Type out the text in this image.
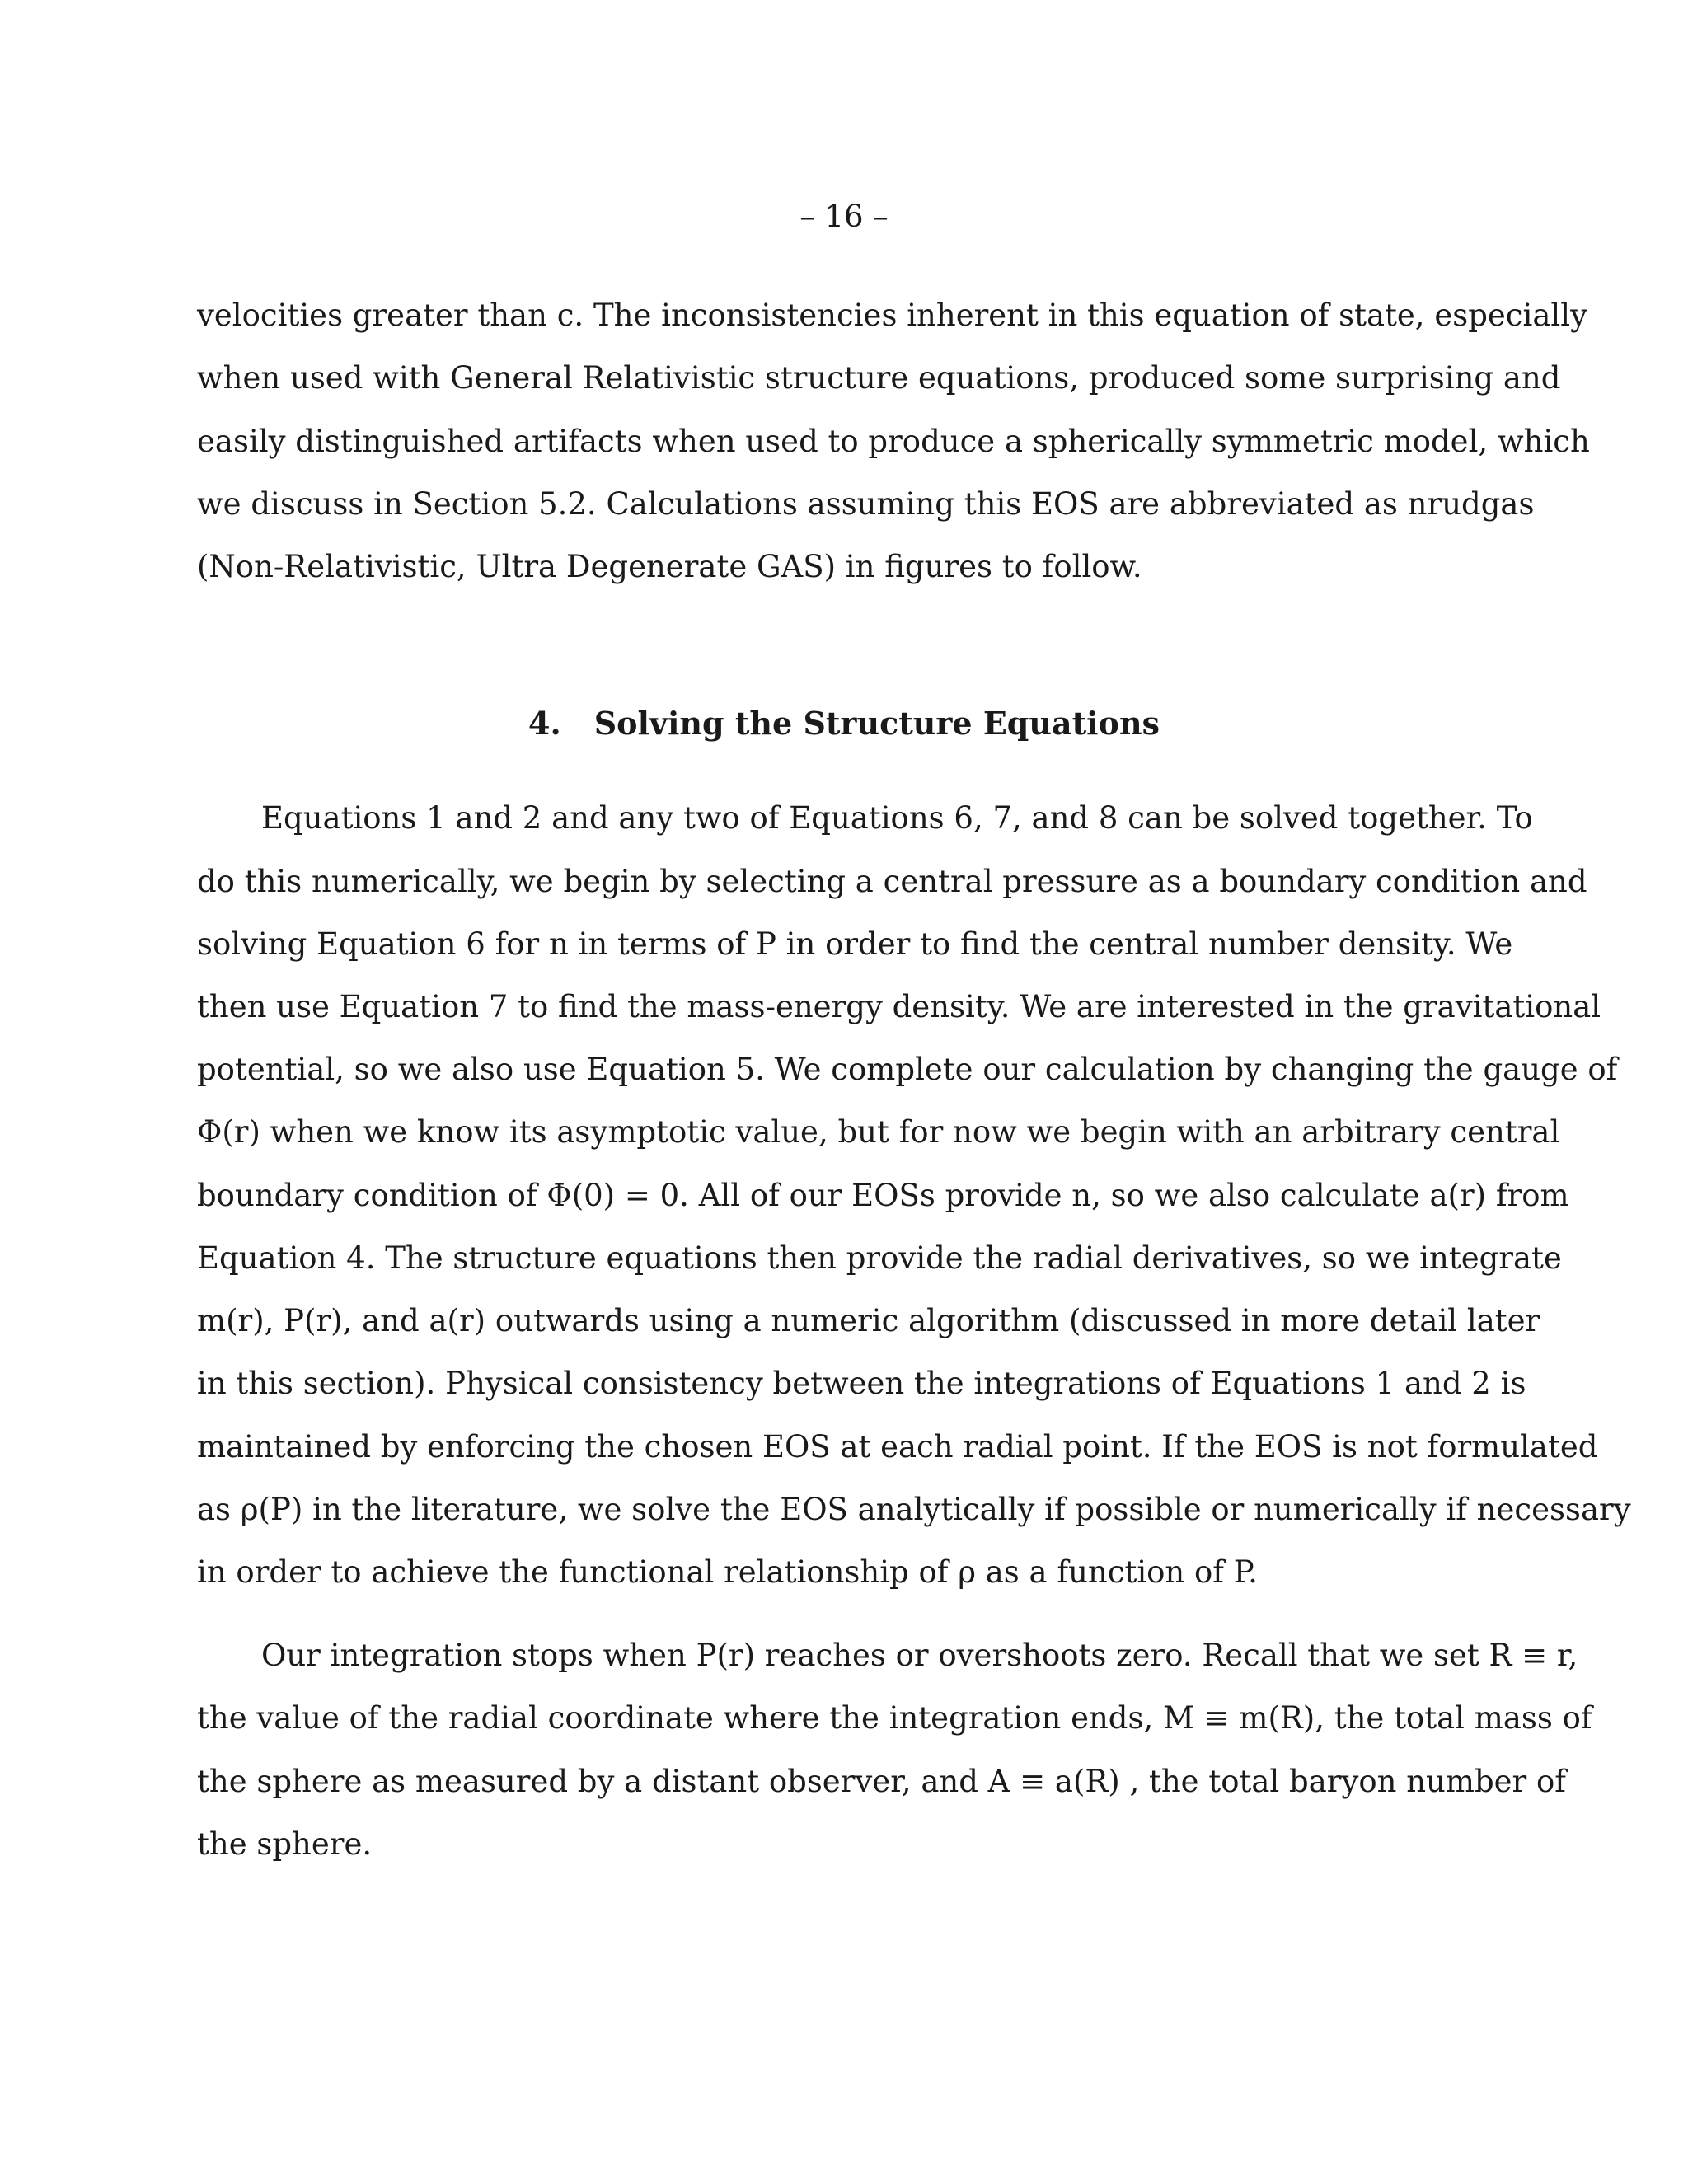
– 16 –
velocities greater than c. The inconsistencies inherent in this equation of state, especially
when used with General Relativistic structure equations, produced some surprising and
easily distinguished artifacts when used to produce a spherically symmetric model, which
we discuss in Section 5.2. Calculations assuming this EOS are abbreviated as nrudgas
(Non-Relativistic, Ultra Degenerate GAS) in figures to follow.
4. Solving the Structure Equations
Equations 1 and 2 and any two of Equations 6, 7, and 8 can be solved together. To
do this numerically, we begin by selecting a central pressure as a boundary condition and
solving Equation 6 for n in terms of P in order to find the central number density. We
then use Equation 7 to find the mass-energy density. We are interested in the gravitational
potential, so we also use Equation 5. We complete our calculation by changing the gauge of
Φ(r) when we know its asymptotic value, but for now we begin with an arbitrary central
boundary condition of Φ(0) = 0. All of our EOSs provide n, so we also calculate a(r) from
Equation 4. The structure equations then provide the radial derivatives, so we integrate
m(r), P(r), and a(r) outwards using a numeric algorithm (discussed in more detail later
in this section). Physical consistency between the integrations of Equations 1 and 2 is
maintained by enforcing the chosen EOS at each radial point. If the EOS is not formulated
as ρ(P) in the literature, we solve the EOS analytically if possible or numerically if necessary
in order to achieve the functional relationship of ρ as a function of P.
Our integration stops when P(r) reaches or overshoots zero. Recall that we set R ≡ r,
the value of the radial coordinate where the integration ends, M ≡ m(R), the total mass of
the sphere as measured by a distant observer, and A ≡ a(R) , the total baryon number of
the sphere.
